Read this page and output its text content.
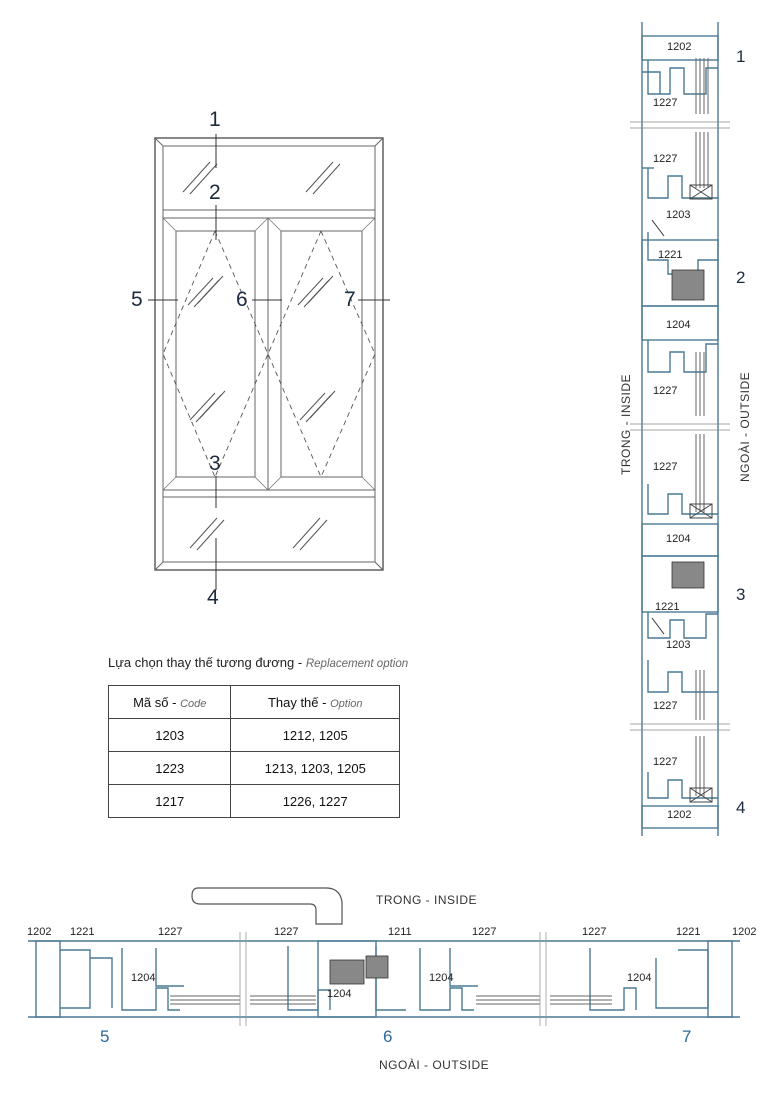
1
2
3
4
5	6	7
1202
1227
1227
1203
1221
1204
1227
1227
1204
1221
1203
1227
1227
1202
1
2
3
4
TRONG - INSIDE	NGOÀI - OUTSIDE
Lựa chọn thay thế tương đương - Replacement option
Mã số - Code	Thay thế - Option
1203	1212, 1205
1223	1213, 1203, 1205
1217	1226, 1227
TRONG - INSIDE
NGOÀI - OUTSIDE
1202 1221	1227
1204
1227	1211
1204
1204
1227	1227
1204
1221	1202
5	6	7
